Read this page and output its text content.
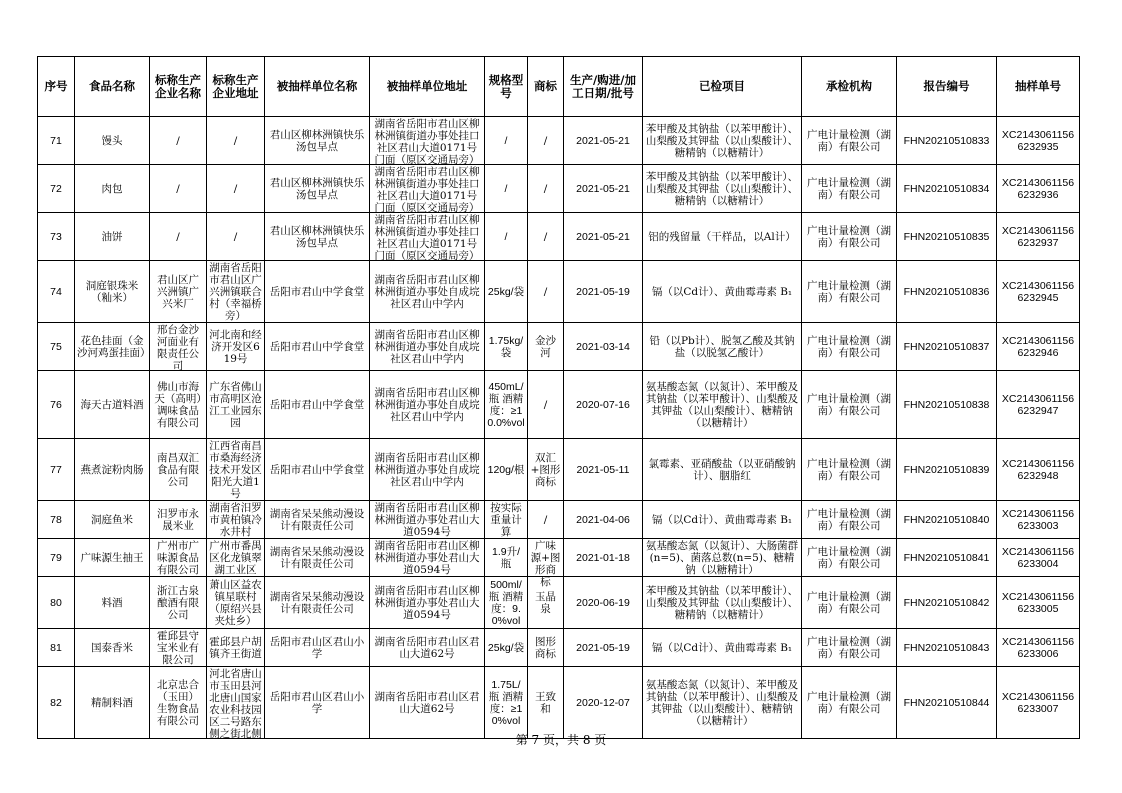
序号	食品名称	标称生产企业名称	标称生产企业地址	被抽样单位名称	被抽样单位地址	规格型号	商标	生产/购进/加工日期/批号	已检项目	承检机构	报告编号	抽样单号

71	馒头	/	/	君山区柳林洲镇快乐汤包早点	湖南省岳阳市君山区柳林洲镇街道办事处挂口社区君山大道0171号门面（原区交通局旁）	/	/	2021-05-21	苯甲酸及其钠盐（以苯甲酸计）、山梨酸及其钾盐（以山梨酸计）、糖精钠（以糖精计）	广电计量检测（湖南）有限公司	FHN20210510833	XC21430611566232935

72	肉包	/	/	君山区柳林洲镇快乐汤包早点	湖南省岳阳市君山区柳林洲镇街道办事处挂口社区君山大道0171号门面（原区交通局旁）	/	/	2021-05-21	苯甲酸及其钠盐（以苯甲酸计）、山梨酸及其钾盐（以山梨酸计）、糖精钠（以糖精计）	广电计量检测（湖南）有限公司	FHN20210510834	XC21430611566232936

73	油饼	/	/	君山区柳林洲镇快乐汤包早点	湖南省岳阳市君山区柳林洲镇街道办事处挂口社区君山大道0171号门面（原区交通局旁）	/	/	2021-05-21	铝的残留量（干样品，以Al计）	广电计量检测（湖南）有限公司	FHN20210510835	XC21430611566232937

74	洞庭银珠米（籼米）	君山区广兴洲镇广兴米厂	湖南省岳阳市君山区广兴洲镇联合村（幸福桥旁）	岳阳市君山中学食堂	湖南省岳阳市君山区柳林洲街道办事处自成垸社区君山中学内	25kg/袋	/	2021-05-19	镉（以Cd计）、黄曲霉毒素 B₁	广电计量检测（湖南）有限公司	FHN20210510836	XC21430611566232945

75	花色挂面（金沙河鸡蛋挂面）	邢台金沙河面业有限责任公司	河北南和经济开发区619号	岳阳市君山中学食堂	湖南省岳阳市君山区柳林洲街道办事处自成垸社区君山中学内	1.75kg/袋	金沙河	2021-03-14	铅（以Pb计）、脱氢乙酸及其钠盐（以脱氢乙酸计）	广电计量检测（湖南）有限公司	FHN20210510837	XC21430611566232946

76	海天古道料酒	佛山市海天（高明）调味食品有限公司	广东省佛山市高明区沧江工业园东园	岳阳市君山中学食堂	湖南省岳阳市君山区柳林洲街道办事处自成垸社区君山中学内	450mL/瓶 酒精度：≥10.0%vol	/	2020-07-16	氨基酸态氮（以氮计）、苯甲酸及其钠盐（以苯甲酸计）、山梨酸及其钾盐（以山梨酸计）、糖精钠（以糖精计）	广电计量检测（湖南）有限公司	FHN20210510838	XC21430611566232947

77	燕煮淀粉肉肠	南昌双汇食品有限公司	江西省南昌市桑海经济技术开发区阳光大道1号	岳阳市君山中学食堂	湖南省岳阳市君山区柳林洲街道办事处自成垸社区君山中学内	120g/根	双汇+图形商标	2021-05-11	氯霉素、亚硝酸盐（以亚硝酸钠计）、胭脂红	广电计量检测（湖南）有限公司	FHN20210510839	XC21430611566232948

78	洞庭鱼米	汨罗市永晟米业	湖南省汨罗市黄柏镇冷水井村	湖南省呆呆熊动漫设计有限责任公司	湖南省岳阳市君山区柳林洲街道办事处君山大道0594号	按实际重量计算	/	2021-04-06	镉（以Cd计）、黄曲霉毒素 B₁	广电计量检测（湖南）有限公司	FHN20210510840	XC21430611566233003

79	广味源生抽王	广州市广味源食品有限公司	广州市番禺区化龙镇翠湖工业区	湖南省呆呆熊动漫设计有限责任公司	湖南省岳阳市君山区柳林洲街道办事处君山大道0594号	1.9升/瓶	广味源+图形商标	2021-01-18	氨基酸态氮（以氮计）、大肠菌群(n=5)、菌落总数(n=5)、糖精钠（以糖精计）	广电计量检测（湖南）有限公司	FHN20210510841	XC21430611566233004

80	料酒	浙江古泉酿酒有限公司	萧山区益农镇星联村（原绍兴县夹灶乡）	湖南省呆呆熊动漫设计有限责任公司	湖南省岳阳市君山区柳林洲街道办事处君山大道0594号	500ml/瓶 酒精度：9.0%vol	玉晶泉	2020-06-19	苯甲酸及其钠盐（以苯甲酸计）、山梨酸及其钾盐（以山梨酸计）、糖精钠（以糖精计）	广电计量检测（湖南）有限公司	FHN20210510842	XC21430611566233005

81	国泰香米	霍邱县守宝米业有限公司	霍邱县户胡镇齐王街道	岳阳市君山区君山小学	湖南省岳阳市君山区君山大道62号	25kg/袋	图形商标	2021-05-19	镉（以Cd计）、黄曲霉毒素 B₁	广电计量检测（湖南）有限公司	FHN20210510843	XC21430611566233006

82	精制料酒	北京忠合（玉田）生物食品有限公司	河北省唐山市玉田县河北唐山国家农业科技园区二号路东侧之街北侧	岳阳市君山区君山小学	湖南省岳阳市君山区君山大道62号	1.75L/瓶 酒精度：≥10%vol	王致和	2020-12-07	氨基酸态氮（以氮计）、苯甲酸及其钠盐（以苯甲酸计）、山梨酸及其钾盐（以山梨酸计）、糖精钠（以糖精计）	广电计量检测（湖南）有限公司	FHN20210510844	XC21430611566233007
第 7 页，共 8 页
